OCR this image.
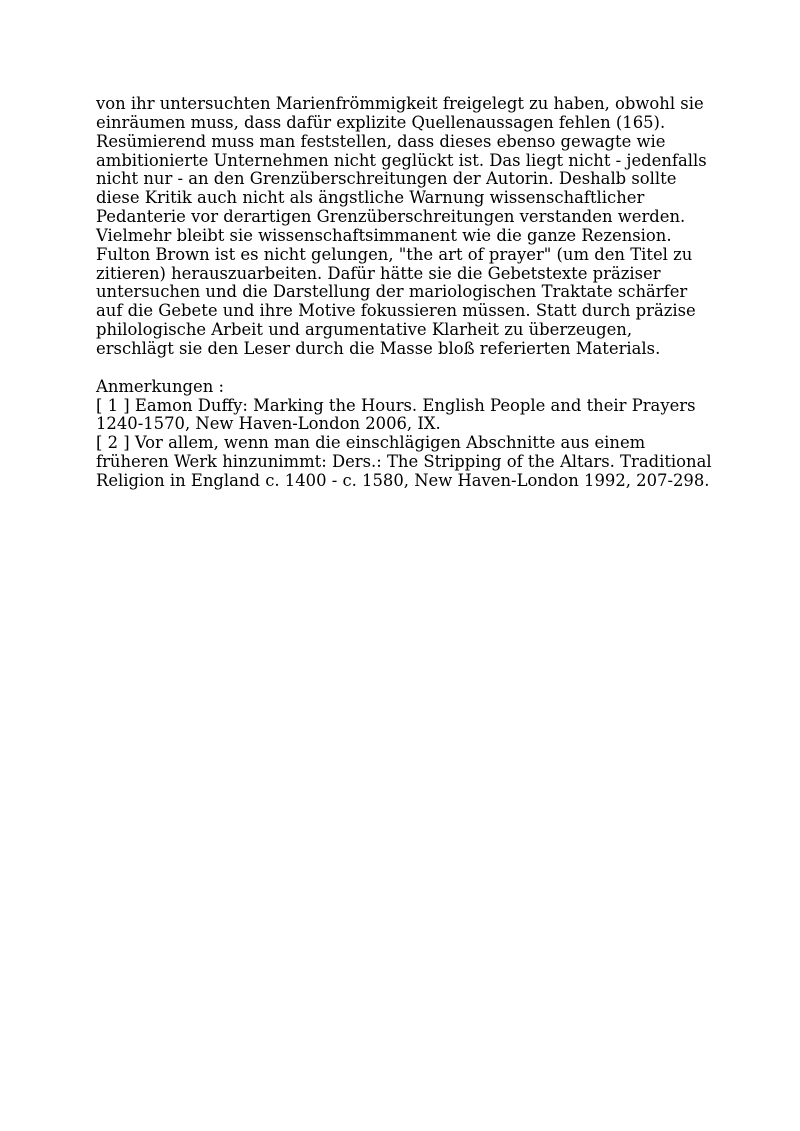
von ihr untersuchten Marienfrömmigkeit freigelegt zu haben, obwohl sie
einräumen muss, dass dafür explizite Quellenaussagen fehlen (165).
Resümierend muss man feststellen, dass dieses ebenso gewagte wie
ambitionierte Unternehmen nicht geglückt ist. Das liegt nicht - jedenfalls
nicht nur - an den Grenzüberschreitungen der Autorin. Deshalb sollte
diese Kritik auch nicht als ängstliche Warnung wissenschaftlicher
Pedanterie vor derartigen Grenzüberschreitungen verstanden werden.
Vielmehr bleibt sie wissenschaftsimmanent wie die ganze Rezension.
Fulton Brown ist es nicht gelungen, "the art of prayer" (um den Titel zu
zitieren) herauszuarbeiten. Dafür hätte sie die Gebetstexte präziser
untersuchen und die Darstellung der mariologischen Traktate schärfer
auf die Gebete und ihre Motive fokussieren müssen. Statt durch präzise
philologische Arbeit und argumentative Klarheit zu überzeugen,
erschlägt sie den Leser durch die Masse bloß referierten Materials.
Anmerkungen :
[ 1 ] Eamon Duffy: Marking the Hours. English People and their Prayers
1240-1570, New Haven-London 2006, IX.
[ 2 ] Vor allem, wenn man die einschlägigen Abschnitte aus einem
früheren Werk hinzunimmt: Ders.: The Stripping of the Altars. Traditional
Religion in England c. 1400 - c. 1580, New Haven-London 1992, 207-298.
